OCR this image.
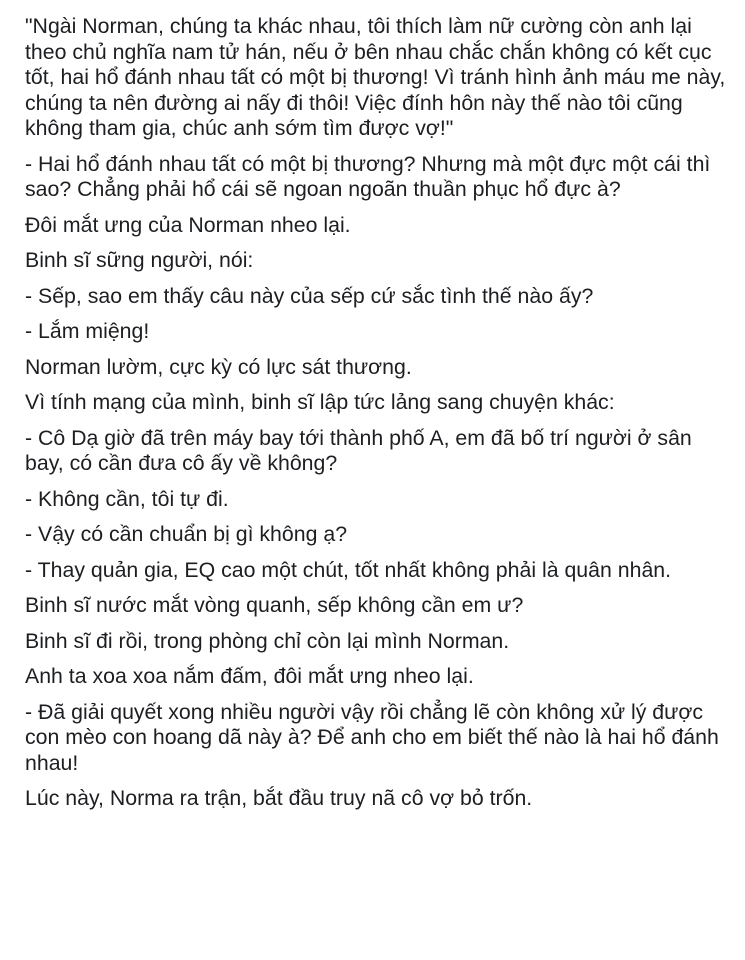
"Ngài Norman, chúng ta khác nhau, tôi thích làm nữ cường còn anh lại theo chủ nghĩa nam tử hán, nếu ở bên nhau chắc chắn không có kết cục tốt, hai hổ đánh nhau tất có một bị thương! Vì tránh hình ảnh máu me này, chúng ta nên đường ai nấy đi thôi! Việc đính hôn này thế nào tôi cũng không tham gia, chúc anh sớm tìm được vợ!"

- Hai hổ đánh nhau tất có một bị thương? Nhưng mà một đực một cái thì sao? Chẳng phải hổ cái sẽ ngoan ngoãn thuần phục hổ đực à?

Đôi mắt ưng của Norman nheo lại.

Binh sĩ sững người, nói:

- Sếp, sao em thấy câu này của sếp cứ sắc tình thế nào ấy?

- Lắm miệng!

Norman lườm, cực kỳ có lực sát thương.

Vì tính mạng của mình, binh sĩ lập tức lảng sang chuyện khác:

- Cô Dạ giờ đã trên máy bay tới thành phố A, em đã bố trí người ở sân bay, có cần đưa cô ấy về không?

- Không cần, tôi tự đi.

- Vậy có cần chuẩn bị gì không ạ?

- Thay quản gia, EQ cao một chút, tốt nhất không phải là quân nhân.

Binh sĩ nước mắt vòng quanh, sếp không cần em ư?

Binh sĩ đi rồi, trong phòng chỉ còn lại mình Norman.

Anh ta xoa xoa nắm đấm, đôi mắt ưng nheo lại.

- Đã giải quyết xong nhiều người vậy rồi chẳng lẽ còn không xử lý được con mèo con hoang dã này à? Để anh cho em biết thế nào là hai hổ đánh nhau!

Lúc này, Norma ra trận, bắt đầu truy nã cô vợ bỏ trốn.
